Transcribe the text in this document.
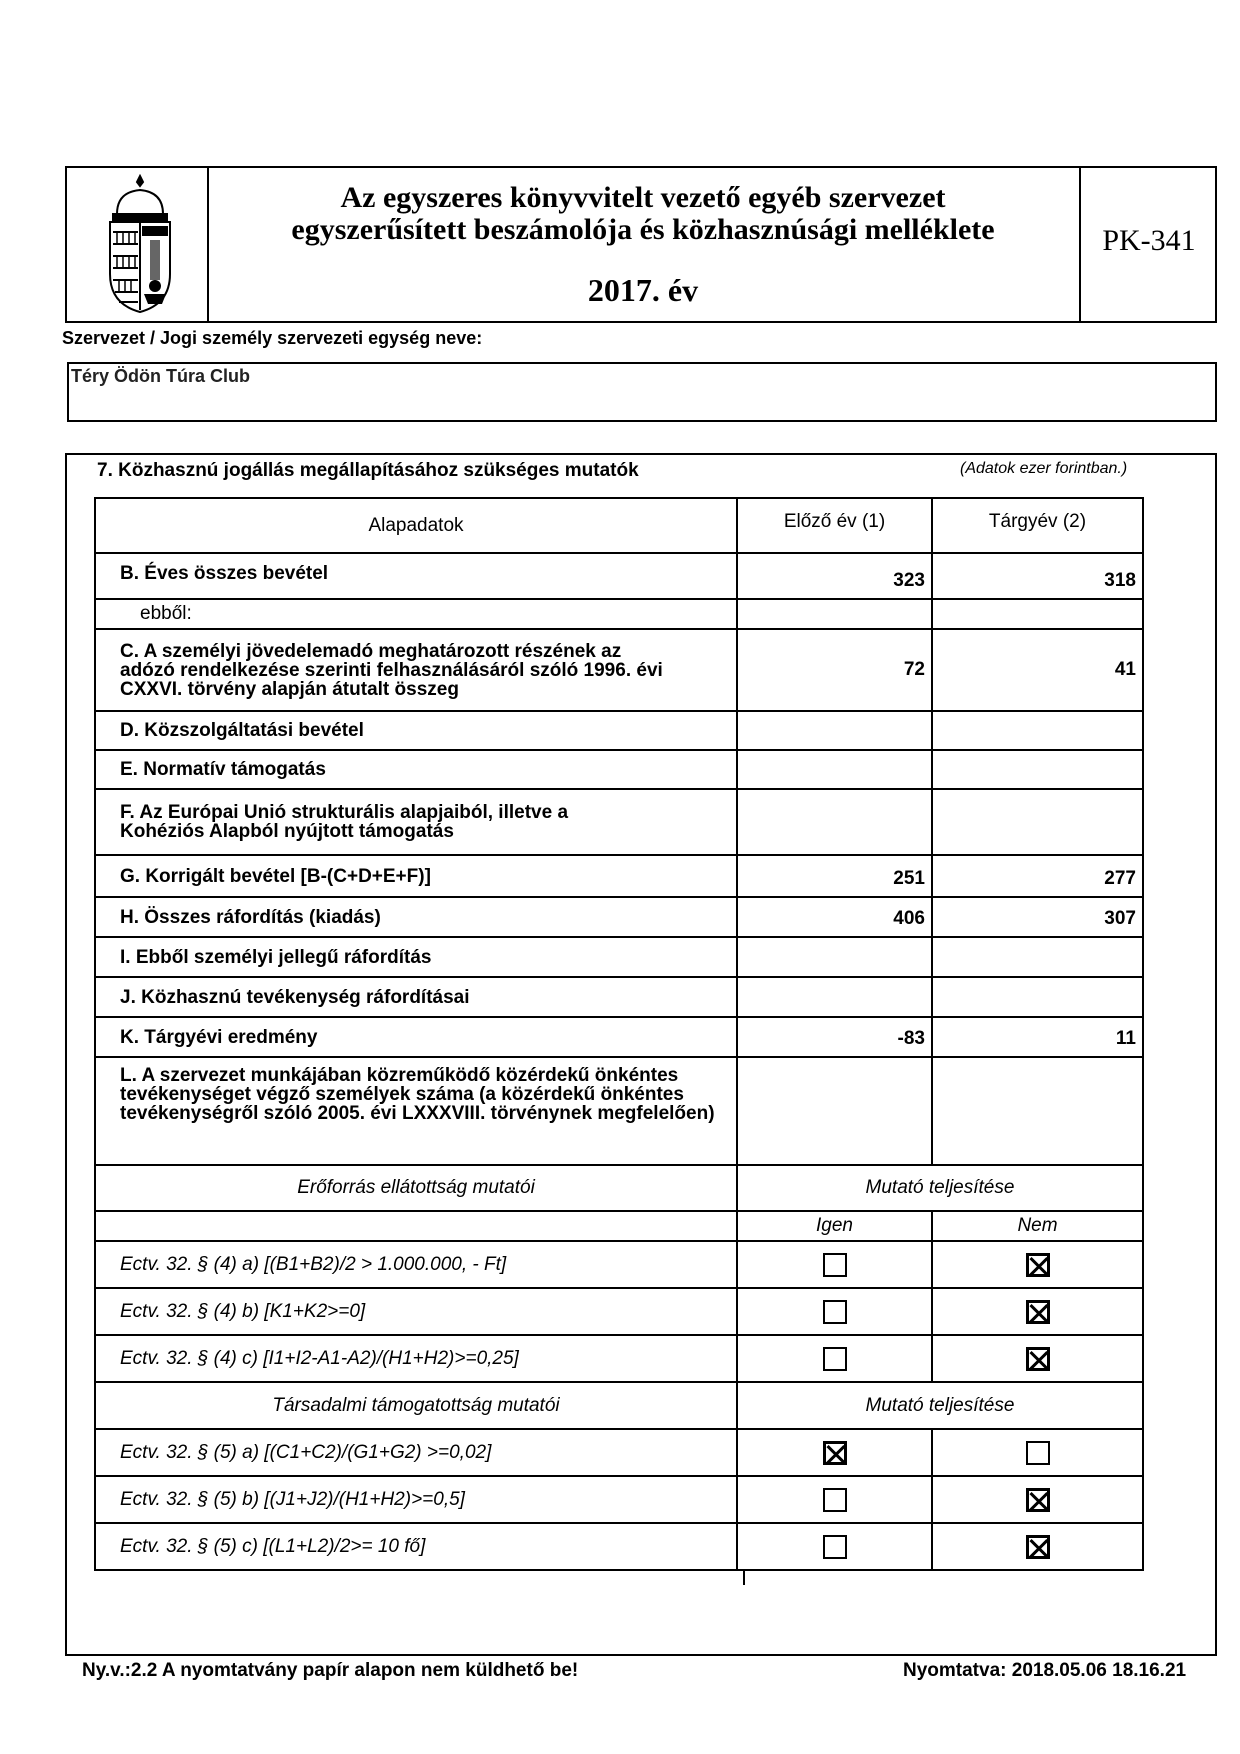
Az egyszeres könyvvitelt vezető egyéb szervezet
egyszerűsített beszámolója és közhasznúsági melléklete
2017. év
PK-341
Szervezet / Jogi személy szervezeti egység neve:
Téry Ödön Túra Club
7. Közhasznú jogállás megállapításához szükséges mutatók	(Adatok ezer forintban.)
Alapadatok	Előző év (1)	Tárgyév (2)
B. Éves összes bevétel	323	318
ebből:		
C. A személyi jövedelemadó meghatározott részének az adózó rendelkezése szerinti felhasználásáról szóló 1996. évi CXXVI. törvény alapján átutalt összeg	72	41
D. Közszolgáltatási bevétel		
E. Normatív támogatás		
F. Az Európai Unió strukturális alapjaiból, illetve a Kohéziós Alapból nyújtott támogatás		
G. Korrigált bevétel [B-(C+D+E+F)]	251	277
H. Összes ráfordítás (kiadás)	406	307
I. Ebből személyi jellegű ráfordítás		
J. Közhasznú tevékenység ráfordításai		
K. Tárgyévi eredmény	-83	11
L. A szervezet munkájában közreműködő közérdekű önkéntes tevékenységet végző személyek száma (a közérdekű önkéntes tevékenységről szóló 2005. évi LXXXVIII. törvénynek megfelelően)		
Erőforrás ellátottság mutatói	Mutató teljesítése	
	Igen	Nem
Ectv. 32. § (4) a) [(B1+B2)/2 > 1.000.000, - Ft]		
Ectv. 32. § (4) b) [K1+K2>=0]		
Ectv. 32. § (4) c) [I1+I2-A1-A2)/(H1+H2)>=0,25]		
Társadalmi támogatottság mutatói	Mutató teljesítése	
Ectv. 32. § (5) a) [(C1+C2)/(G1+G2) >=0,02]		
Ectv. 32. § (5) b) [(J1+J2)/(H1+H2)>=0,5]		
Ectv. 32. § (5) c) [(L1+L2)/2>= 10 fő]		
Ny.v.:2.2 A nyomtatvány papír alapon nem küldhető be!	Nyomtatva: 2018.05.06 18.16.21
